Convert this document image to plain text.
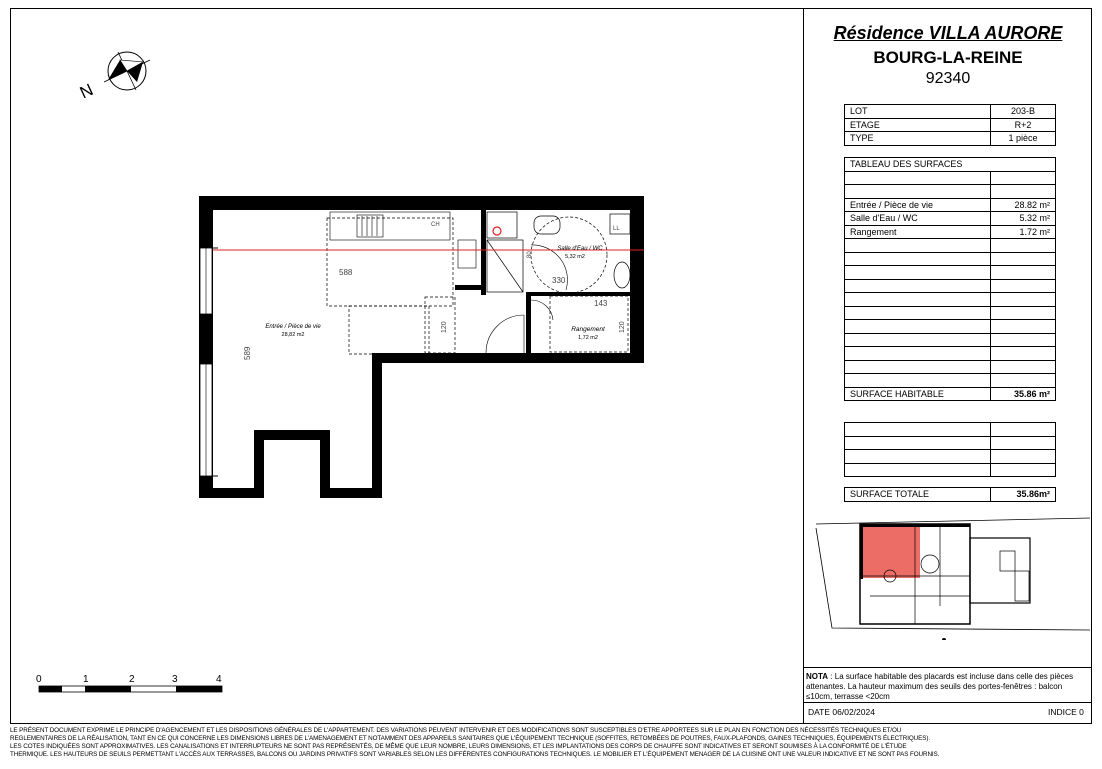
N
Entrée / Pièce de vie
28,82 m2
Salle d'Eau / WC
5,32 m2
Rangement
1,72 m2
588
589
330
143
120	120
80
CH
LL
0	1	2	3	4
Résidence VILLA AURORE
BOURG-LA-REINE
92340
LOT	203-B
ETAGE	R+2
TYPE	1 pièce
TABLEAU DES SURFACES	

Entrée / Pièce de vie	28.82 m²
Salle d'Eau / WC	5.32 m²
Rangement	1.72 m²

SURFACE HABITABLE	35.86 m²

SURFACE TOTALE	35.86m²
NOTA : La surface habitable des placards est incluse dans celle des pièces attenantes. La hauteur maximum des seuils des portes-fenêtres : balcon ≤10cm, terrasse <20cm
DATE 06/02/2024	INDICE 0
LE PRÉSENT DOCUMENT EXPRIME LE PRINCIPE D'AGENCEMENT ET LES DISPOSITIONS GÉNÉRALES DE L'APPARTEMENT. DES VARIATIONS PEUVENT INTERVENIR ET DES MODIFICATIONS SONT SUSCEPTIBLES D'ETRE APPORTEES SUR LE PLAN EN FONCTION DES NÉCESSITÉS TECHNIQUES ET/OU
REGLEMENTAIRES DE LA RÉALISATION, TANT EN CE QUI CONCERNE LES DIMENSIONS LIBRES DE L'AMENAGEMENT ET NOTAMMENT DES APPAREILS SANITAIRES QUE L'ÉQUIPEMENT TECHNIQUE (SOFFITES, RETOMBÉES DE POUTRES, FAUX-PLAFONDS, GAINES TECHNIQUES, ÉQUIPEMENTS ÉLECTRIQUES).
LES COTES INDIQUÉES SONT APPROXIMATIVES. LES CANALISATIONS ET INTERRUPTEURS NE SONT PAS REPRÉSENTÉS, DE MÊME QUE LEUR NOMBRE, LEURS DIMENSIONS, ET LES IMPLANTATIONS DES CORPS DE CHAUFFE SONT INDICATIVES ET SERONT SOUMISES À LA CONFORMITÉ DE L'ÉTUDE
THERMIQUE. LES HAUTEURS DE SEUILS PERMETTANT L'ACCÈS AUX TERRASSES, BALCONS OU JARDINS PRIVATIFS SONT VARIABLES SELON LES DIFFÉRENTES CONFIGURATIONS TECHNIQUES. LE MOBILIER ET L'ÉQUIPEMENT MENAGER DE LA CUISINE ONT UNE VALEUR INDICATIVE ET NE SONT PAS FOURNIS.
